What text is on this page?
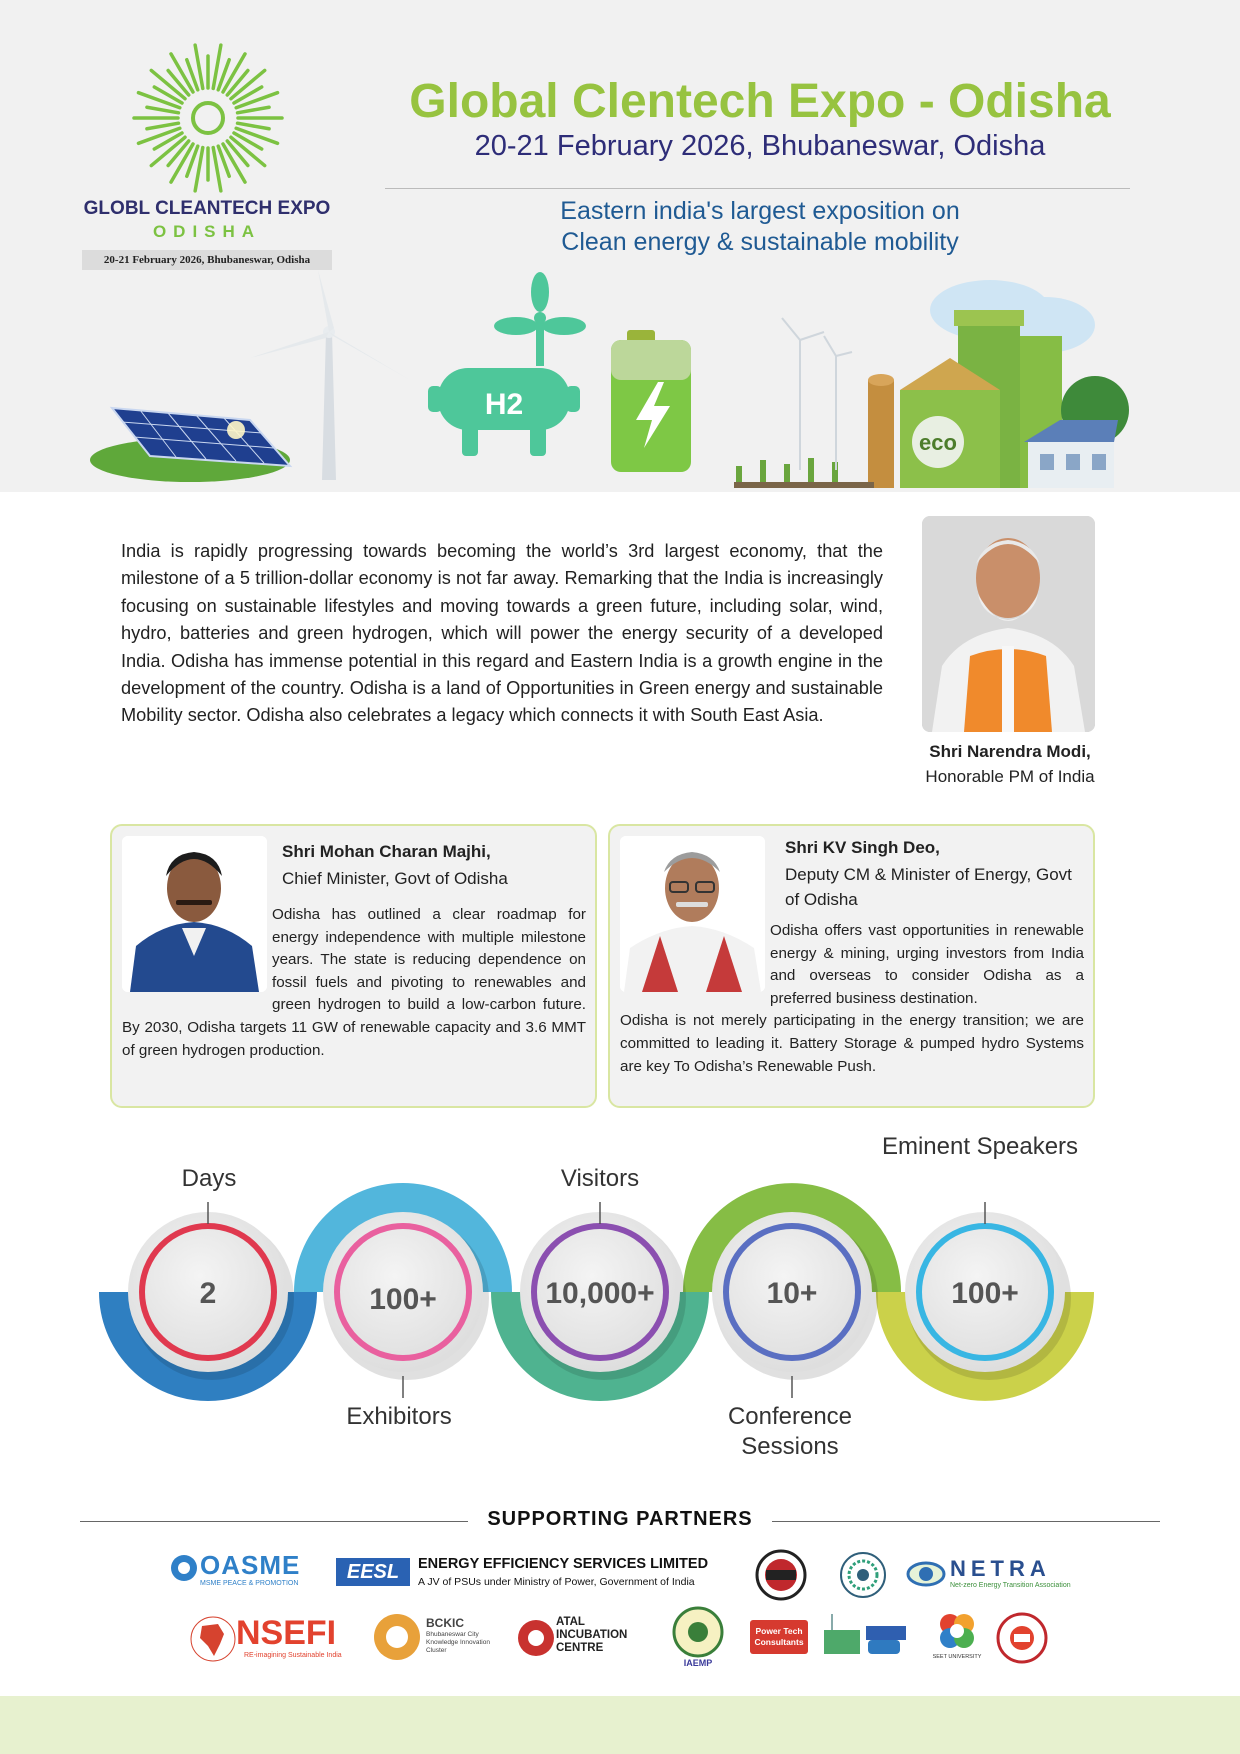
GLOBL CLEANTECH EXPO
ODISHA
20-21 February 2026, Bhubaneswar, Odisha
Global Clentech Expo - Odisha
20-21 February 2026, Bhubaneswar, Odisha
Eastern india's largest exposition on
Clean energy & sustainable mobility
H2
eco
India is rapidly progressing towards becoming the world’s 3rd largest economy, that the milestone of a 5 trillion-dollar economy is not far away. Remarking that the India is increasingly focusing on sustainable lifestyles and moving towards a green future, including solar, wind, hydro, batteries and green hydrogen, which will power the energy security of a developed India. Odisha has immense potential in this regard and Eastern India is a growth engine in the development of the country. Odisha is a land of Opportunities in Green energy and sustainable Mobility sector. Odisha also celebrates a legacy which connects it with South East Asia.
Shri Narendra Modi,
Honorable PM of India
Shri Mohan Charan Majhi,
Chief Minister, Govt of Odisha
Odisha has outlined a clear roadmap for energy independence with multiple milestone years. The state is reducing dependence on fossil fuels and pivoting to renewables and green hydrogen to build a low-carbon future. By 2030, Odisha targets 11 GW of renewable capacity and 3.6 MMT of green hydrogen production.
Shri KV Singh Deo,
Deputy CM & Minister of Energy, Govt of Odisha
Odisha offers vast opportunities in renewable energy & mining, urging investors from India and overseas to consider Odisha as a preferred business destination.
Odisha is not merely participating in the energy transition; we are committed to leading it. Battery Storage & pumped hydro Systems are key To Odisha’s Renewable Push.
2	100+	10,000+	10+	100+
Days
Exhibitors
Visitors
Conference Sessions
Eminent Speakers
SUPPORTING PARTNERS
OASME
MSME PEACE & PROMOTION
EESL	ENERGY EFFICIENCY SERVICES LIMITED
A JV of PSUs under Ministry of Power, Government of India
NETRA
Net-zero Energy Transition Association
NSEFI
RE-imagining Sustainable India
BCKIC
Bhubaneswar City Knowledge Innovation Cluster
ATAL INCUBATION CENTRE
IAEMP
Power Tech Consultants
SEET UNIVERSITY
